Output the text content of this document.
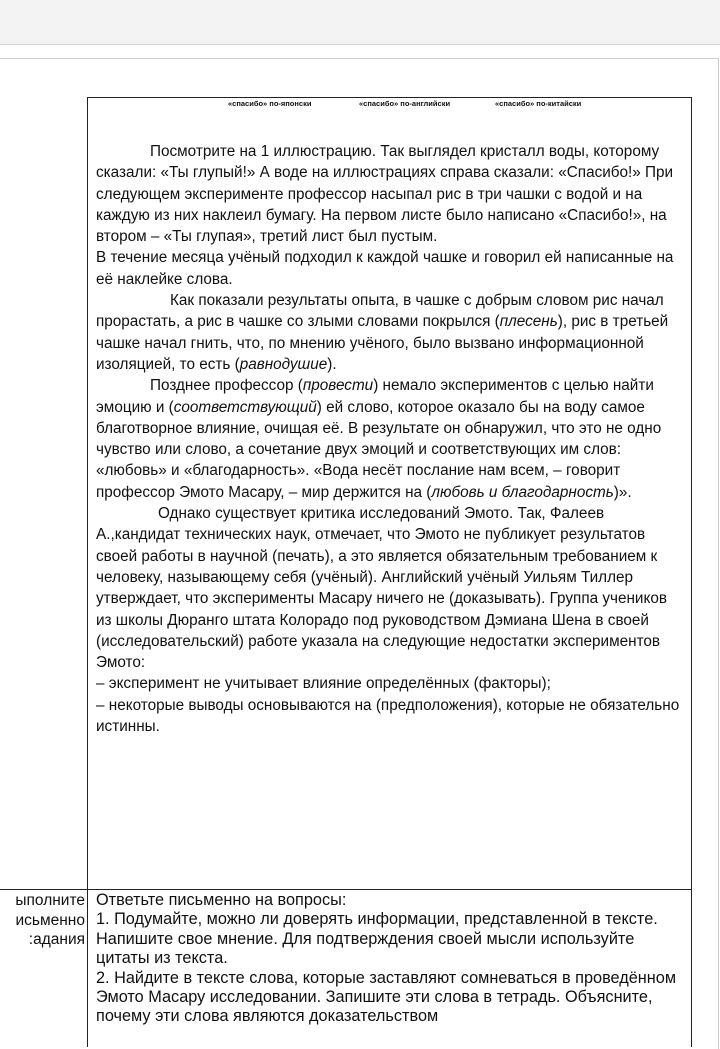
«спасибо» по-японски	«спасибо» по-английски	«спасибо» по-китайски

Посмотрите на 1 иллюстрацию. Так выглядел кристалл воды, которому сказали: «Ты глупый!» А воде на иллюстрациях справа сказали: «Спасибо!» При следующем эксперименте профессор насыпал рис в три чашки с водой и на каждую из них наклеил бумагу. На первом листе было написано «Спасибо!», на втором – «Ты глупая», третий лист был пустым.

В течение месяца учёный подходил к каждой чашке и говорил ей написанные на её наклейке слова.

Как показали результаты опыта, в чашке с добрым словом рис начал прорастать, а рис в чашке со злыми словами покрылся (плесень), рис в третьей чашке начал гнить, что, по мнению учёного, было вызвано информационной изоляцией, то есть (равнодушие).

Позднее профессор (провести) немало экспериментов с целью найти эмоцию и (соответствующий) ей слово, которое оказало бы на воду самое благотворное влияние, очищая её. В результате он обнаружил, что это не одно чувство или слово, а сочетание двух эмоций и соответствующих им слов: «любовь» и «благодарность». «Вода несёт послание нам всем, – говорит профессор Эмото Масару, – мир держится на (любовь и благодарность)».

Однако существует критика исследований Эмото. Так, Фалеев А.,кандидат технических наук, отмечает, что Эмото не публикует результатов своей работы в научной (печать), а это является обязательным требованием к человеку, называющему себя (учёный). Английский учёный Уильям Тиллер утверждает, что эксперименты Масару ничего не (доказывать). Группа учеников из школы Дюранго штата Колорадо под руководством Дэмиана Шена в своей (исследовательский) работе указала на следующие недостатки экспериментов Эмото:

– эксперимент не учитывает влияние определённых (факторы);

– некоторые выводы основываются на (предположения), которые не обязательно истинны.

ыполните
исьменно
адания:

Ответьте письменно на вопросы:

1. Подумайте, можно ли доверять информации, представленной в тексте. Напишите свое мнение. Для подтверждения своей мысли используйте цитаты из текста.

2. Найдите в тексте слова, которые заставляют сомневаться в проведённом Эмото Масару исследовании. Запишите эти слова в тетрадь. Объясните, почему эти слова являются доказательством
